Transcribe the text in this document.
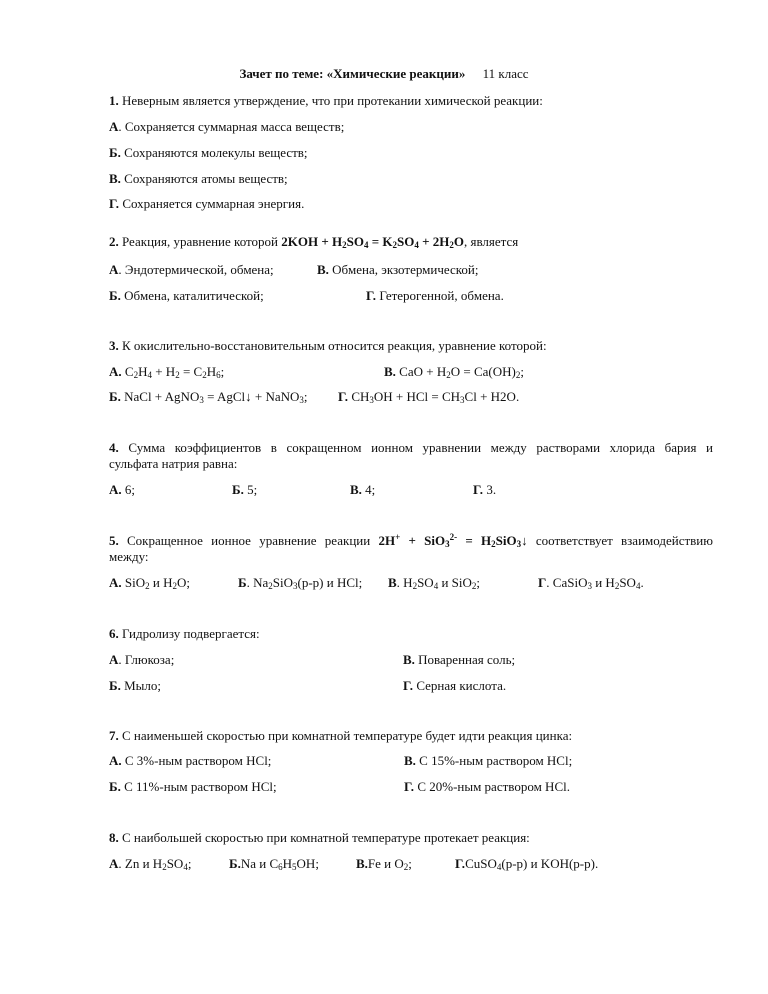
Зачет по теме: «Химические реакции» 11 класс
1. Неверным является утверждение, что при протекании химической реакции:
А. Сохраняется суммарная масса веществ;
Б. Сохраняются молекулы веществ;
В. Сохраняются атомы веществ;
Г. Сохраняется суммарная энергия.
2. Реакция, уравнение которой $2KOH + H_2SO_4 = K_2SO_4 + 2H_2O$, является
А. Эндотермической, обмена;	В. Обмена, экзотермической;
Б. Обмена, каталитической;	Г. Гетерогенной, обмена.
3. К окислительно-восстановительным относится реакция, уравнение которой:
А. $C_2H_4 + H_2 = C_2H_6$;	В. CaO + $H_2O = Ca(OH)_2$;
Б. NaCl + AgNO$_3$ = AgCl↓ + NaNO$_3$; Г. $CH_3OH$ + HCl = $CH_3Cl + H2O$.
4. Сумма коэффициентов в сокращенном ионном уравнении между растворами хлорида бария и
сульфата натрия равна:
А. 6;	Б. 5;	В. 4;	Г. 3.
5. Сокращенное ионное уравнение реакции $2H^+ + SiO_3^{2-} = H_2SiO_3↓$ соответствует взаимодействию
между:
А. SiO$_2$ и $H_2O$;	Б. $Na_2SiO_3(р-р)$ и HCl; В. $H_2SO_4$ и SiO$_2$;	Г. CaSiO$_3$ и $H_2SO_4$.
6. Гидролизу подвергается:
А. Глюкоза;	В. Поваренная соль;
Б. Мыло;	Г. Серная кислота.
7. С наименьшей скоростью при комнатной температуре будет идти реакция цинка:
А. С 3%-ным раствором HCl;	В. С 15%-ным раствором HCl;
Б. С 11%-ным раствором HCl;	Г. С 20%-ным раствором HCl.
8. С наибольшей скоростью при комнатной температуре протекает реакция:
А. Zn и $H_2SO_4$;	Б.Na и $C_6H_5OH$;	В.Fe и $O_2$;	Г.CuSO$_4$(р-р) и KOH(р-р).
